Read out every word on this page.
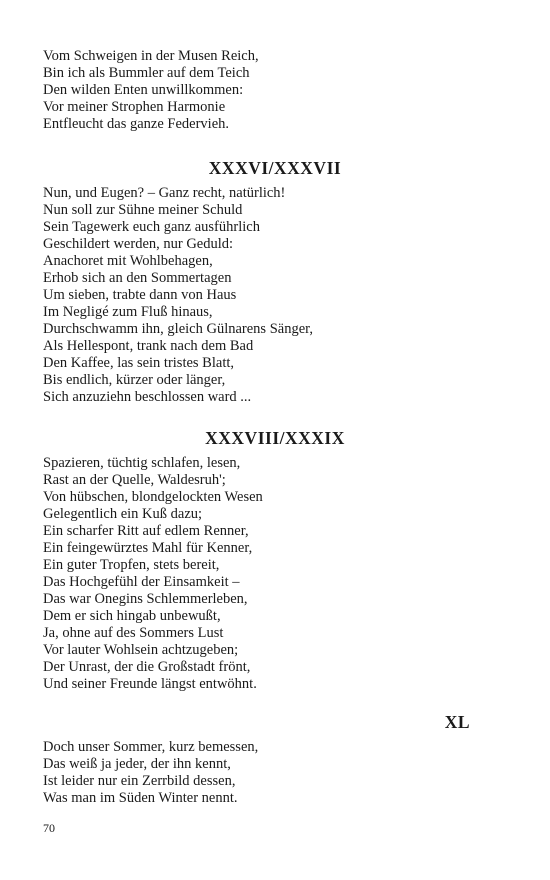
Vom Schweigen in der Musen Reich,
Bin ich als Bummler auf dem Teich
Den wilden Enten unwillkommen:
Vor meiner Strophen Harmonie
Entfleucht das ganze Federvieh.
XXXVI/XXXVII
Nun, und Eugen? – Ganz recht, natürlich!
Nun soll zur Sühne meiner Schuld
Sein Tagewerk euch ganz ausführlich
Geschildert werden, nur Geduld:
Anachoret mit Wohlbehagen,
Erhob sich an den Sommertagen
Um sieben, trabte dann von Haus
Im Negligé zum Fluß hinaus,
Durchschwamm ihn, gleich Gülnarens Sänger,
Als Hellespont, trank nach dem Bad
Den Kaffee, las sein tristes Blatt,
Bis endlich, kürzer oder länger,
Sich anzuziehn beschlossen ward ...
XXXVIII/XXXIX
Spazieren, tüchtig schlafen, lesen,
Rast an der Quelle, Waldesruh';
Von hübschen, blondgelockten Wesen
Gelegentlich ein Kuß dazu;
Ein scharfer Ritt auf edlem Renner,
Ein feingewürztes Mahl für Kenner,
Ein guter Tropfen, stets bereit,
Das Hochgefühl der Einsamkeit –
Das war Onegins Schlemmerleben,
Dem er sich hingab unbewußt,
Ja, ohne auf des Sommers Lust
Vor lauter Wohlsein achtzugeben;
Der Unrast, der die Großstadt frönt,
Und seiner Freunde längst entwöhnt.
XL
Doch unser Sommer, kurz bemessen,
Das weiß ja jeder, der ihn kennt,
Ist leider nur ein Zerrbild dessen,
Was man im Süden Winter nennt.
70
